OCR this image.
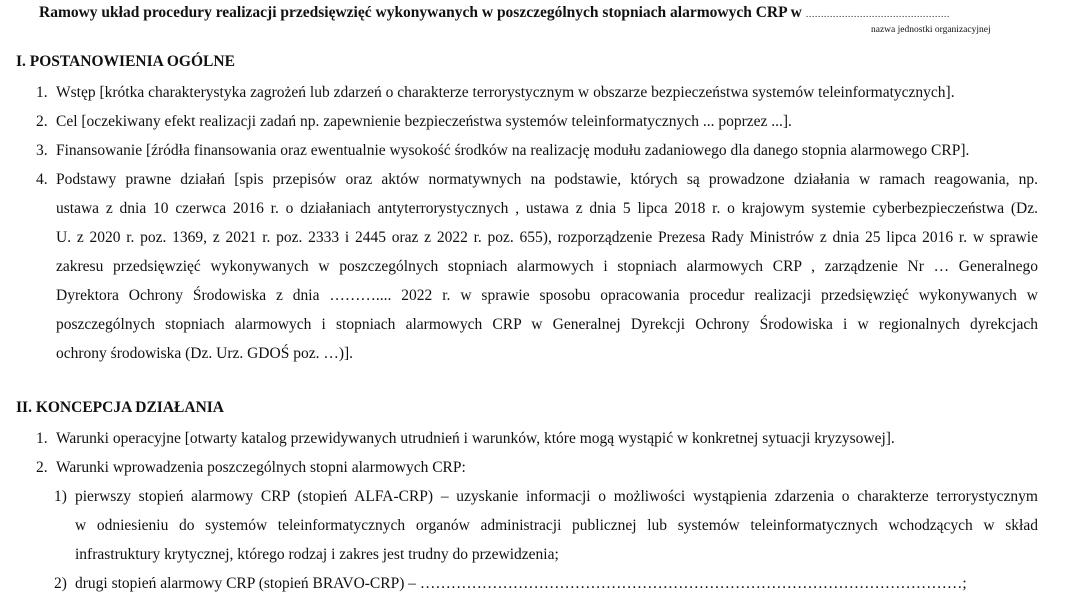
Ramowy układ procedury realizacji przedsięwzięć wykonywanych w poszczególnych stopniach alarmowych CRP w …………………………………………
nazwa jednostki organizacyjnej
I. POSTANOWIENIA OGÓLNE
1. Wstęp [krótka charakterystyka zagrożeń lub zdarzeń o charakterze terrorystycznym w obszarze bezpieczeństwa systemów teleinformatycznych].
2. Cel [oczekiwany efekt realizacji zadań np. zapewnienie bezpieczeństwa systemów teleinformatycznych ... poprzez ...].
3. Finansowanie [źródła finansowania oraz ewentualnie wysokość środków na realizację modułu zadaniowego dla danego stopnia alarmowego CRP].
4. Podstawy prawne działań [spis przepisów oraz aktów normatywnych na podstawie, których są prowadzone działania w ramach reagowania, np.
ustawa z dnia 10 czerwca 2016 r. o działaniach antyterrorystycznych , ustawa z dnia 5 lipca 2018 r. o krajowym systemie cyberbezpieczeństwa (Dz.
U. z 2020 r. poz. 1369, z 2021 r. poz. 2333 i 2445 oraz z 2022 r. poz. 655), rozporządzenie Prezesa Rady Ministrów z dnia 25 lipca 2016 r. w sprawie
zakresu przedsięwzięć wykonywanych w poszczególnych stopniach alarmowych i stopniach alarmowych CRP , zarządzenie Nr … Generalnego
Dyrektora Ochrony Środowiska z dnia ……….... 2022 r. w sprawie sposobu opracowania procedur realizacji przedsięwzięć wykonywanych w
poszczególnych stopniach alarmowych i stopniach alarmowych CRP w Generalnej Dyrekcji Ochrony Środowiska i w regionalnych dyrekcjach
ochrony środowiska (Dz. Urz. GDOŚ poz. …)].
II. KONCEPCJA DZIAŁANIA
1. Warunki operacyjne [otwarty katalog przewidywanych utrudnień i warunków, które mogą wystąpić w konkretnej sytuacji kryzysowej].
2. Warunki wprowadzenia poszczególnych stopni alarmowych CRP:
1) pierwszy stopień alarmowy CRP (stopień ALFA-CRP) – uzyskanie informacji o możliwości wystąpienia zdarzenia o charakterze terrorystycznym
w odniesieniu do systemów teleinformatycznych organów administracji publicznej lub systemów teleinformatycznych wchodzących w skład
infrastruktury krytycznej, którego rodzaj i zakres jest trudny do przewidzenia;
2) drugi stopień alarmowy CRP (stopień BRAVO-CRP) – ……………………………………………………………………………………………;
